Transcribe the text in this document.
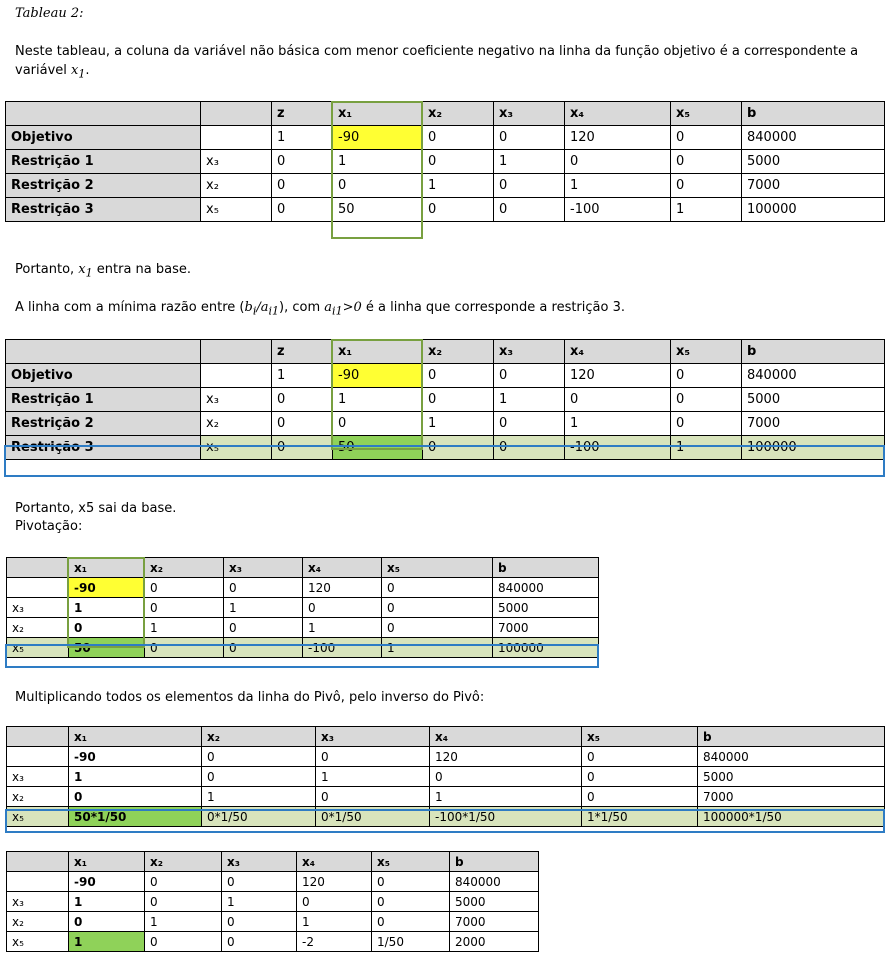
Tableau 2:
Neste tableau, a coluna da variável não básica com menor coeficiente negativo na linha da função objetivo é a correspondente a
variável $x_1$.
		z	x₁	x₂	x₃	x₄	x₅	b
Objetivo		1	-90	0	0	120	0	840000
Restrição 1	x₃	0	1	0	1	0	0	5000
Restrição 2	x₂	0	0	1	0	1	0	7000
Restrição 3	x₅	0	50	0	0	-100	1	100000
Portanto, $x_1$ entra na base.
A linha com a mínima razão entre $(b_i/a_{i1})$, com $a_{i1}>0$ é a linha que corresponde a restrição 3.
		z	x₁	x₂	x₃	x₄	x₅	b
Objetivo		1	-90	0	0	120	0	840000
Restrição 1	x₃	0	1	0	1	0	0	5000
Restrição 2	x₂	0	0	1	0	1	0	7000
Restrição 3	x₅	0	50	0	0	-100	1	100000
Portanto, x5 sai da base.
Pivotação:
	x₁	x₂	x₃	x₄	x₅	b
	-90	0	0	120	0	840000
x₃	1	0	1	0	0	5000
x₂	0	1	0	1	0	7000
x₅	50	0	0	-100	1	100000
Multiplicando todos os elementos da linha do Pivô, pelo inverso do Pivô:
	x₁	x₂	x₃	x₄	x₅	b
	-90	0	0	120	0	840000
x₃	1	0	1	0	0	5000
x₂	0	1	0	1	0	7000
x₅	50*1/50	0*1/50	0*1/50	-100*1/50	1*1/50	100000*1/50
	x₁	x₂	x₃	x₄	x₅	b
	-90	0	0	120	0	840000
x₃	1	0	1	0	0	5000
x₂	0	1	0	1	0	7000
x₅	1	0	0	-2	1/50	2000
